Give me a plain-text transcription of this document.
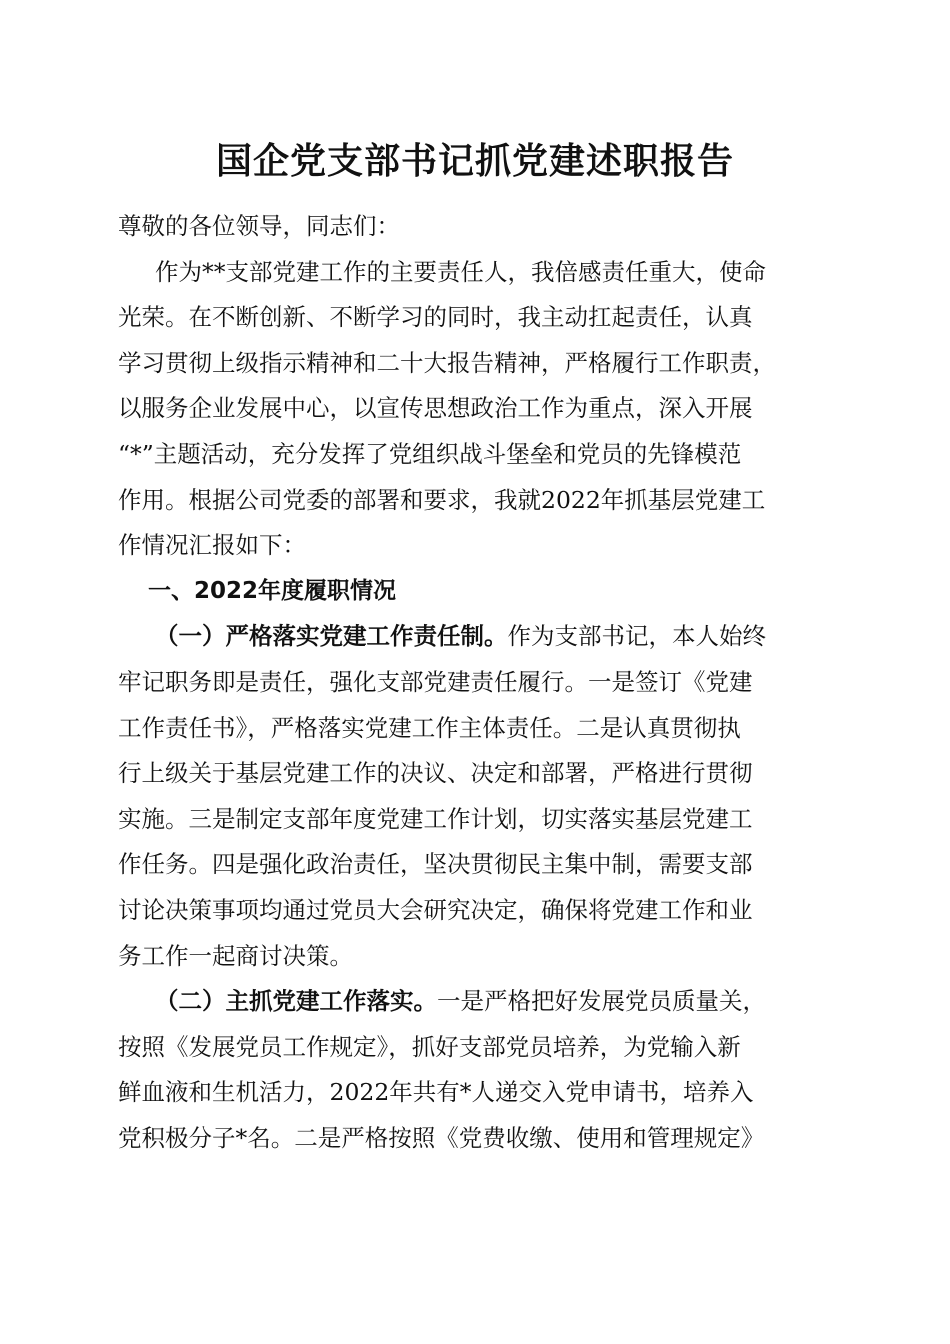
国企党支部书记抓党建述职报告
尊敬的各位领导，同志们：
作为**支部党建工作的主要责任人，我倍感责任重大，使命
光荣。在不断创新、不断学习的同时，我主动扛起责任，认真
学习贯彻上级指示精神和二十大报告精神，严格履行工作职责，
以服务企业发展中心，以宣传思想政治工作为重点，深入开展
“*”主题活动，充分发挥了党组织战斗堡垒和党员的先锋模范
作用。根据公司党委的部署和要求，我就2022年抓基层党建工
作情况汇报如下：
一、2022年度履职情况
（一）严格落实党建工作责任制。作为支部书记，本人始终
牢记职务即是责任，强化支部党建责任履行。一是签订《党建
工作责任书》，严格落实党建工作主体责任。二是认真贯彻执
行上级关于基层党建工作的决议、决定和部署，严格进行贯彻
实施。三是制定支部年度党建工作计划，切实落实基层党建工
作任务。四是强化政治责任，坚决贯彻民主集中制，需要支部
讨论决策事项均通过党员大会研究决定，确保将党建工作和业
务工作一起商讨决策。
（二）主抓党建工作落实。一是严格把好发展党员质量关，
按照《发展党员工作规定》，抓好支部党员培养，为党输入新
鲜血液和生机活力，2022年共有*人递交入党申请书，培养入
党积极分子*名。二是严格按照《党费收缴、使用和管理规定》
